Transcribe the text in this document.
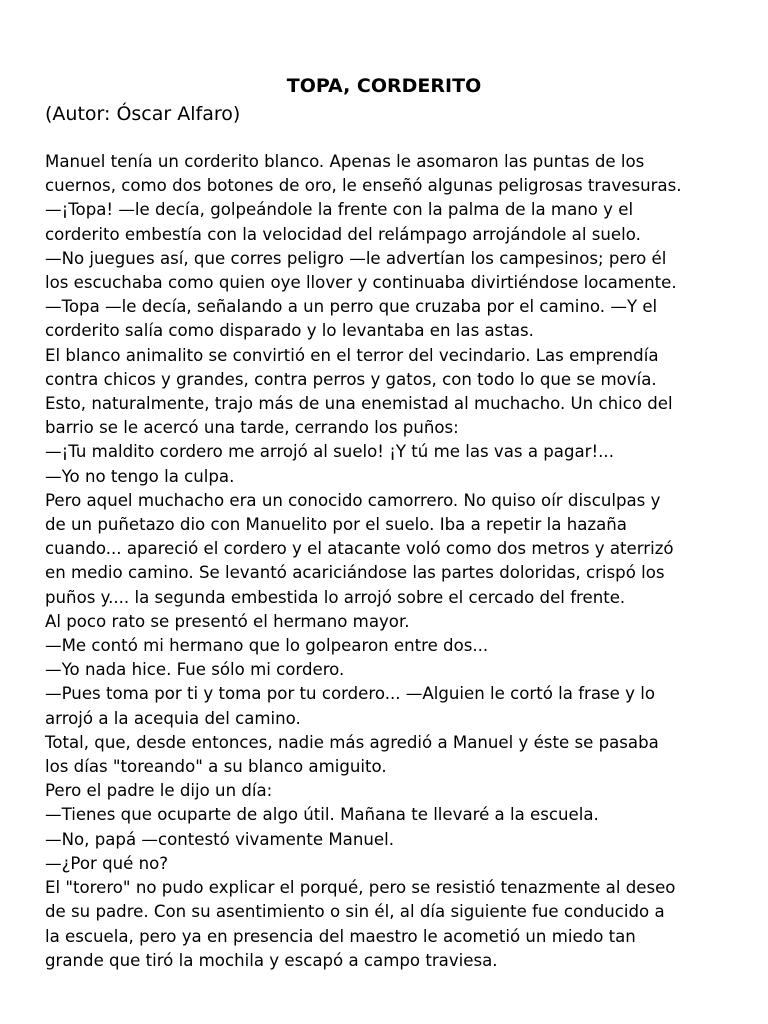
TOPA, CORDERITO

(Autor: Óscar Alfaro)

Manuel tenía un corderito blanco. Apenas le asomaron las puntas de los
cuernos, como dos botones de oro, le enseñó algunas peligrosas travesuras.
—¡Topa! —le decía, golpeándole la frente con la palma de la mano y el
corderito embestía con la velocidad del relámpago arrojándole al suelo.
—No juegues así, que corres peligro —le advertían los campesinos; pero él
los escuchaba como quien oye llover y continuaba divirtiéndose locamente.
—Topa —le decía, señalando a un perro que cruzaba por el camino. —Y el
corderito salía como disparado y lo levantaba en las astas.
El blanco animalito se convirtió en el terror del vecindario. Las emprendía
contra chicos y grandes, contra perros y gatos, con todo lo que se movía.
Esto, naturalmente, trajo más de una enemistad al muchacho. Un chico del
barrio se le acercó una tarde, cerrando los puños:
—¡Tu maldito cordero me arrojó al suelo! ¡Y tú me las vas a pagar!...
—Yo no tengo la culpa.
Pero aquel muchacho era un conocido camorrero. No quiso oír disculpas y
de un puñetazo dio con Manuelito por el suelo. Iba a repetir la hazaña
cuando... apareció el cordero y el atacante voló como dos metros y aterrizó
en medio camino. Se levantó acariciándose las partes doloridas, crispó los
puños y.... la segunda embestida lo arrojó sobre el cercado del frente.
Al poco rato se presentó el hermano mayor.
—Me contó mi hermano que lo golpearon entre dos...
—Yo nada hice. Fue sólo mi cordero.
—Pues toma por ti y toma por tu cordero... —Alguien le cortó la frase y lo
arrojó a la acequia del camino.
Total, que, desde entonces, nadie más agredió a Manuel y éste se pasaba
los días "toreando" a su blanco amiguito.
Pero el padre le dijo un día:
—Tienes que ocuparte de algo útil. Mañana te llevaré a la escuela.
—No, papá —contestó vivamente Manuel.
—¿Por qué no?
El "torero" no pudo explicar el porqué, pero se resistió tenazmente al deseo
de su padre. Con su asentimiento o sin él, al día siguiente fue conducido a
la escuela, pero ya en presencia del maestro le acometió un miedo tan
grande que tiró la mochila y escapó a campo traviesa.
